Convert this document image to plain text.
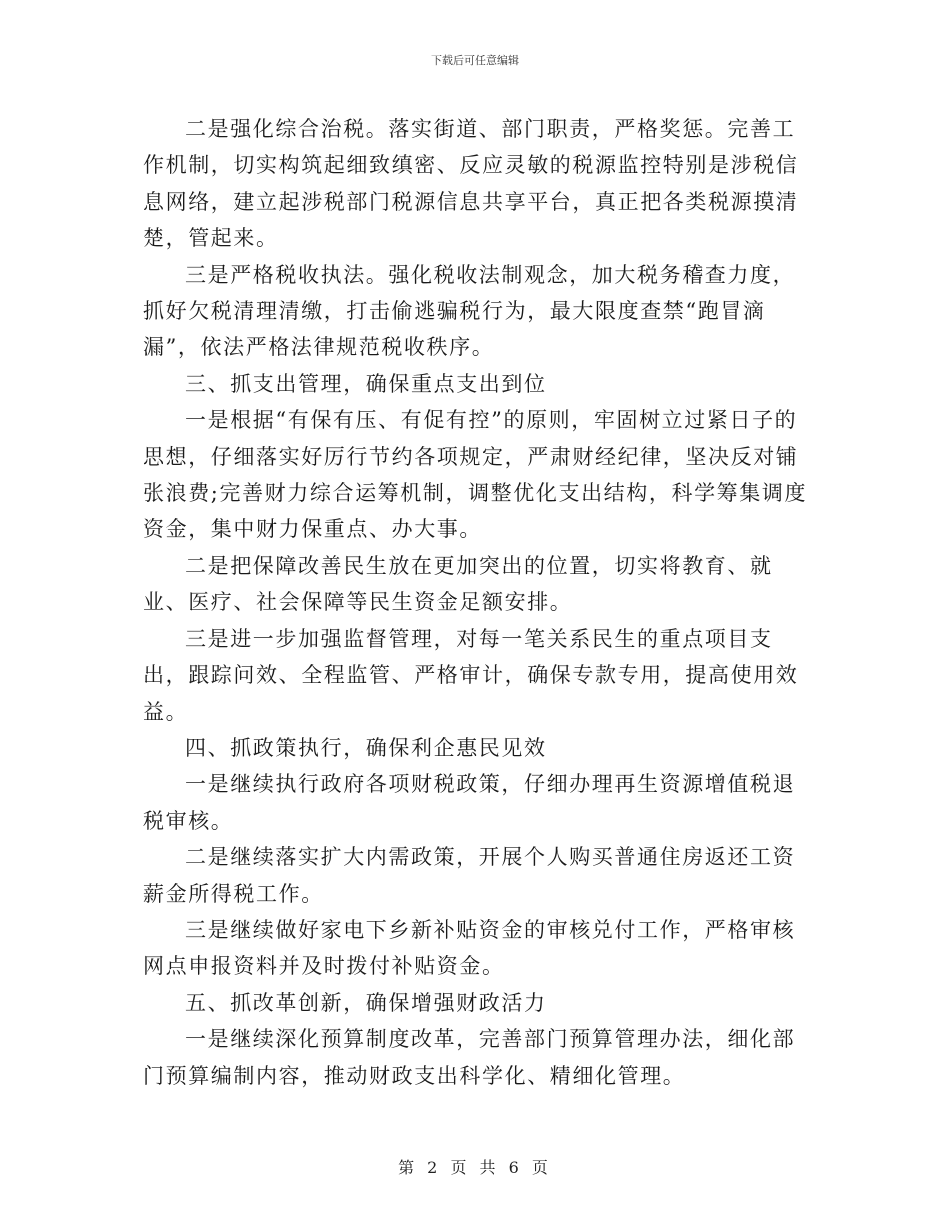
下载后可任意编辑

二是强化综合治税。落实街道、部门职责，严格奖惩。完善工作机制，切实构筑起细致缜密、反应灵敏的税源监控特别是涉税信息网络，建立起涉税部门税源信息共享平台，真正把各类税源摸清楚，管起来。

三是严格税收执法。强化税收法制观念，加大税务稽查力度，抓好欠税清理清缴，打击偷逃骗税行为，最大限度查禁“跑冒滴漏”，依法严格法律规范税收秩序。

三、抓支出管理，确保重点支出到位

一是根据“有保有压、有促有控”的原则，牢固树立过紧日子的思想，仔细落实好厉行节约各项规定，严肃财经纪律，坚决反对铺张浪费;完善财力综合运筹机制，调整优化支出结构，科学筹集调度资金，集中财力保重点、办大事。

二是把保障改善民生放在更加突出的位置，切实将教育、就业、医疗、社会保障等民生资金足额安排。

三是进一步加强监督管理，对每一笔关系民生的重点项目支出，跟踪问效、全程监管、严格审计，确保专款专用，提高使用效益。

四、抓政策执行，确保利企惠民见效

一是继续执行政府各项财税政策，仔细办理再生资源增值税退税审核。

二是继续落实扩大内需政策，开展个人购买普通住房返还工资薪金所得税工作。

三是继续做好家电下乡新补贴资金的审核兑付工作，严格审核网点申报资料并及时拨付补贴资金。

五、抓改革创新，确保增强财政活力

一是继续深化预算制度改革，完善部门预算管理办法，细化部门预算编制内容，推动财政支出科学化、精细化管理。

第 2 页 共 6 页
